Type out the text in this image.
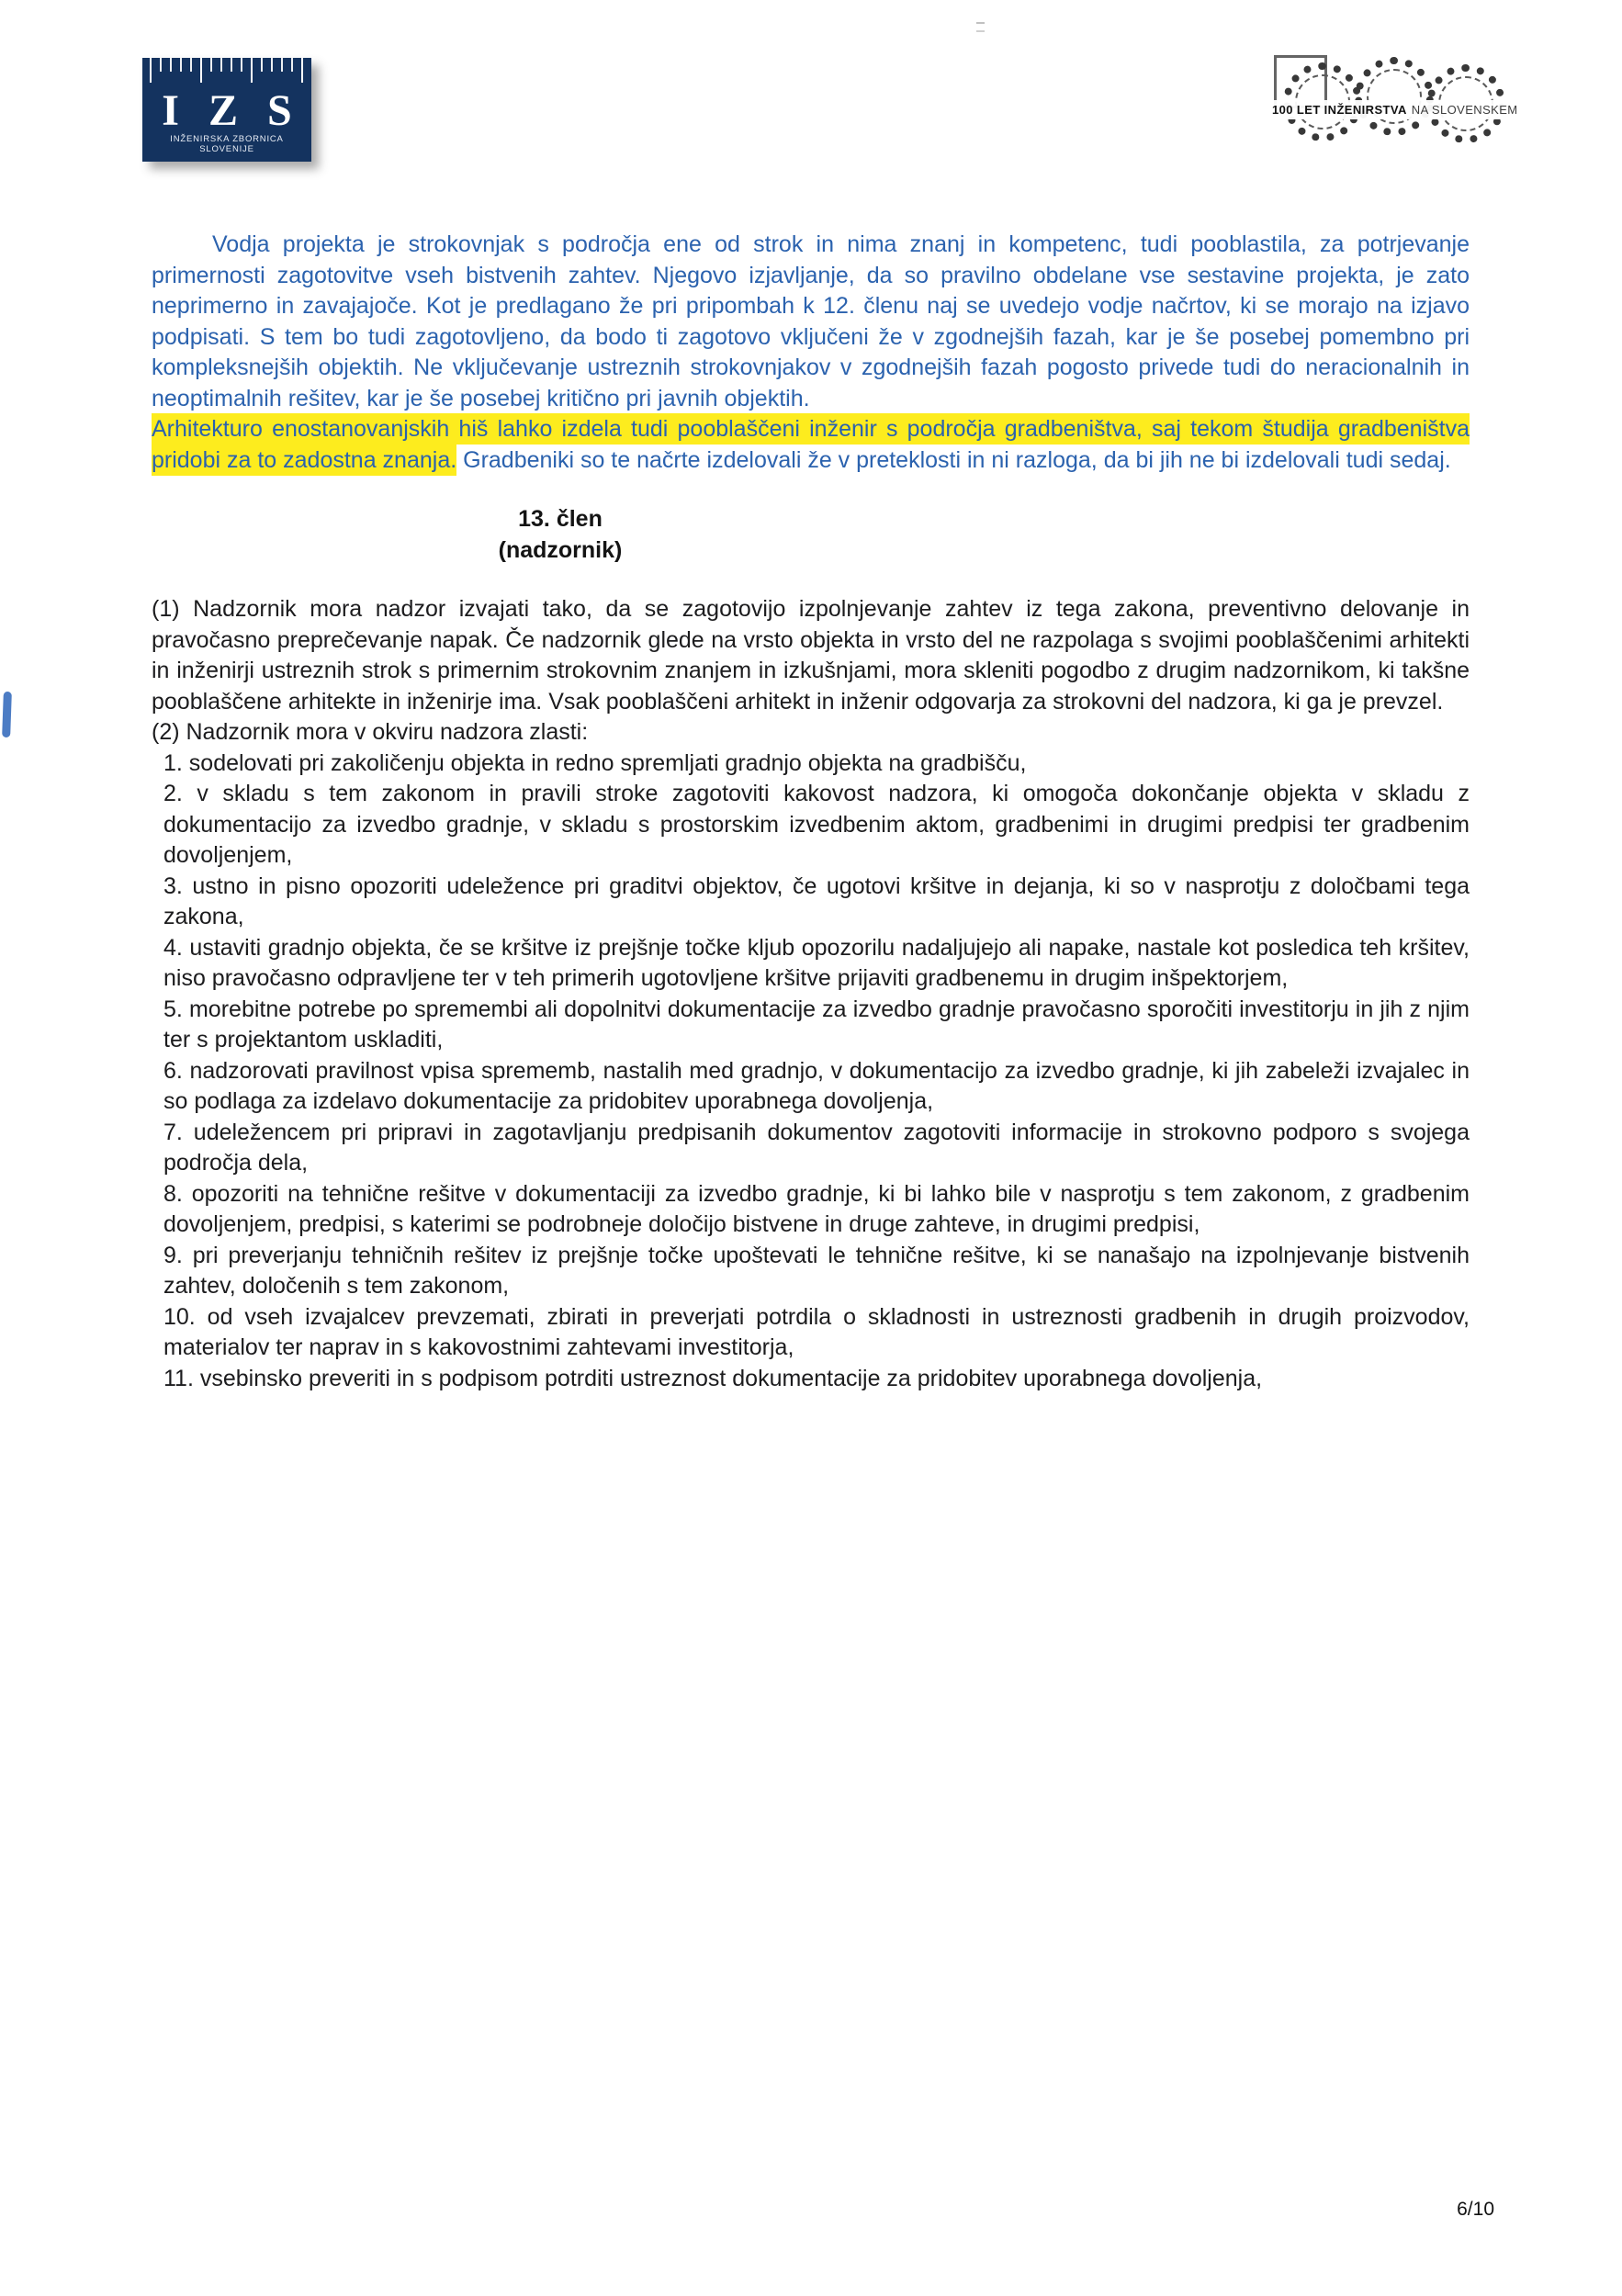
I Z S
INŽENIRSKA ZBORNICA SLOVENIJE
100 LET INŽENIRSTVA NA SLOVENSKEM

Vodja projekta je strokovnjak s področja ene od strok in nima znanj in kompetenc, tudi pooblastila, za potrjevanje primernosti zagotovitve vseh bistvenih zahtev. Njegovo izjavljanje, da so pravilno obdelane vse sestavine projekta, je zato neprimerno in zavajajoče. Kot je predlagano že pri pripombah k 12. členu naj se uvedejo vodje načrtov, ki se morajo na izjavo podpisati. S tem bo tudi zagotovljeno, da bodo ti zagotovo vključeni že v zgodnejših fazah, kar je še posebej pomembno pri kompleksnejših objektih. Ne vključevanje ustreznih strokovnjakov v zgodnejših fazah pogosto privede tudi do neracionalnih in neoptimalnih rešitev, kar je še posebej kritično pri javnih objektih.

Arhitekturo enostanovanjskih hiš lahko izdela tudi pooblaščeni inženir s področja gradbeništva, saj tekom študija gradbeništva pridobi za to zadostna znanja. Gradbeniki so te načrte izdelovali že v preteklosti in ni razloga, da bi jih ne bi izdelovali tudi sedaj.

13. člen
(nadzornik)

(1) Nadzornik mora nadzor izvajati tako, da se zagotovijo izpolnjevanje zahtev iz tega zakona, preventivno delovanje in pravočasno preprečevanje napak. Če nadzornik glede na vrsto objekta in vrsto del ne razpolaga s svojimi pooblaščenimi arhitekti in inženirji ustreznih strok s primernim strokovnim znanjem in izkušnjami, mora skleniti pogodbo z drugim nadzornikom, ki takšne pooblaščene arhitekte in inženirje ima. Vsak pooblaščeni arhitekt in inženir odgovarja za strokovni del nadzora, ki ga je prevzel.

(2) Nadzornik mora v okviru nadzora zlasti:

1. sodelovati pri zakoličenju objekta in redno spremljati gradnjo objekta na gradbišču,

2. v skladu s tem zakonom in pravili stroke zagotoviti kakovost nadzora, ki omogoča dokončanje objekta v skladu z dokumentacijo za izvedbo gradnje, v skladu s prostorskim izvedbenim aktom, gradbenimi in drugimi predpisi ter gradbenim dovoljenjem,

3. ustno in pisno opozoriti udeležence pri graditvi objektov, če ugotovi kršitve in dejanja, ki so v nasprotju z določbami tega zakona,

4. ustaviti gradnjo objekta, če se kršitve iz prejšnje točke kljub opozorilu nadaljujejo ali napake, nastale kot posledica teh kršitev, niso pravočasno odpravljene ter v teh primerih ugotovljene kršitve prijaviti gradbenemu in drugim inšpektorjem,

5. morebitne potrebe po spremembi ali dopolnitvi dokumentacije za izvedbo gradnje pravočasno sporočiti investitorju in jih z njim ter s projektantom uskladiti,

6. nadzorovati pravilnost vpisa sprememb, nastalih med gradnjo, v dokumentacijo za izvedbo gradnje, ki jih zabeleži izvajalec in so podlaga za izdelavo dokumentacije za pridobitev uporabnega dovoljenja,

7. udeležencem pri pripravi in zagotavljanju predpisanih dokumentov zagotoviti informacije in strokovno podporo s svojega področja dela,

8. opozoriti na tehnične rešitve v dokumentaciji za izvedbo gradnje, ki bi lahko bile v nasprotju s tem zakonom, z gradbenim dovoljenjem, predpisi, s katerimi se podrobneje določijo bistvene in druge zahteve, in drugimi predpisi,

9. pri preverjanju tehničnih rešitev iz prejšnje točke upoštevati le tehnične rešitve, ki se nanašajo na izpolnjevanje bistvenih zahtev, določenih s tem zakonom,

10. od vseh izvajalcev prevzemati, zbirati in preverjati potrdila o skladnosti in ustreznosti gradbenih in drugih proizvodov, materialov ter naprav in s kakovostnimi zahtevami investitorja,

11. vsebinsko preveriti in s podpisom potrditi ustreznost dokumentacije za pridobitev uporabnega dovoljenja,

6/10
